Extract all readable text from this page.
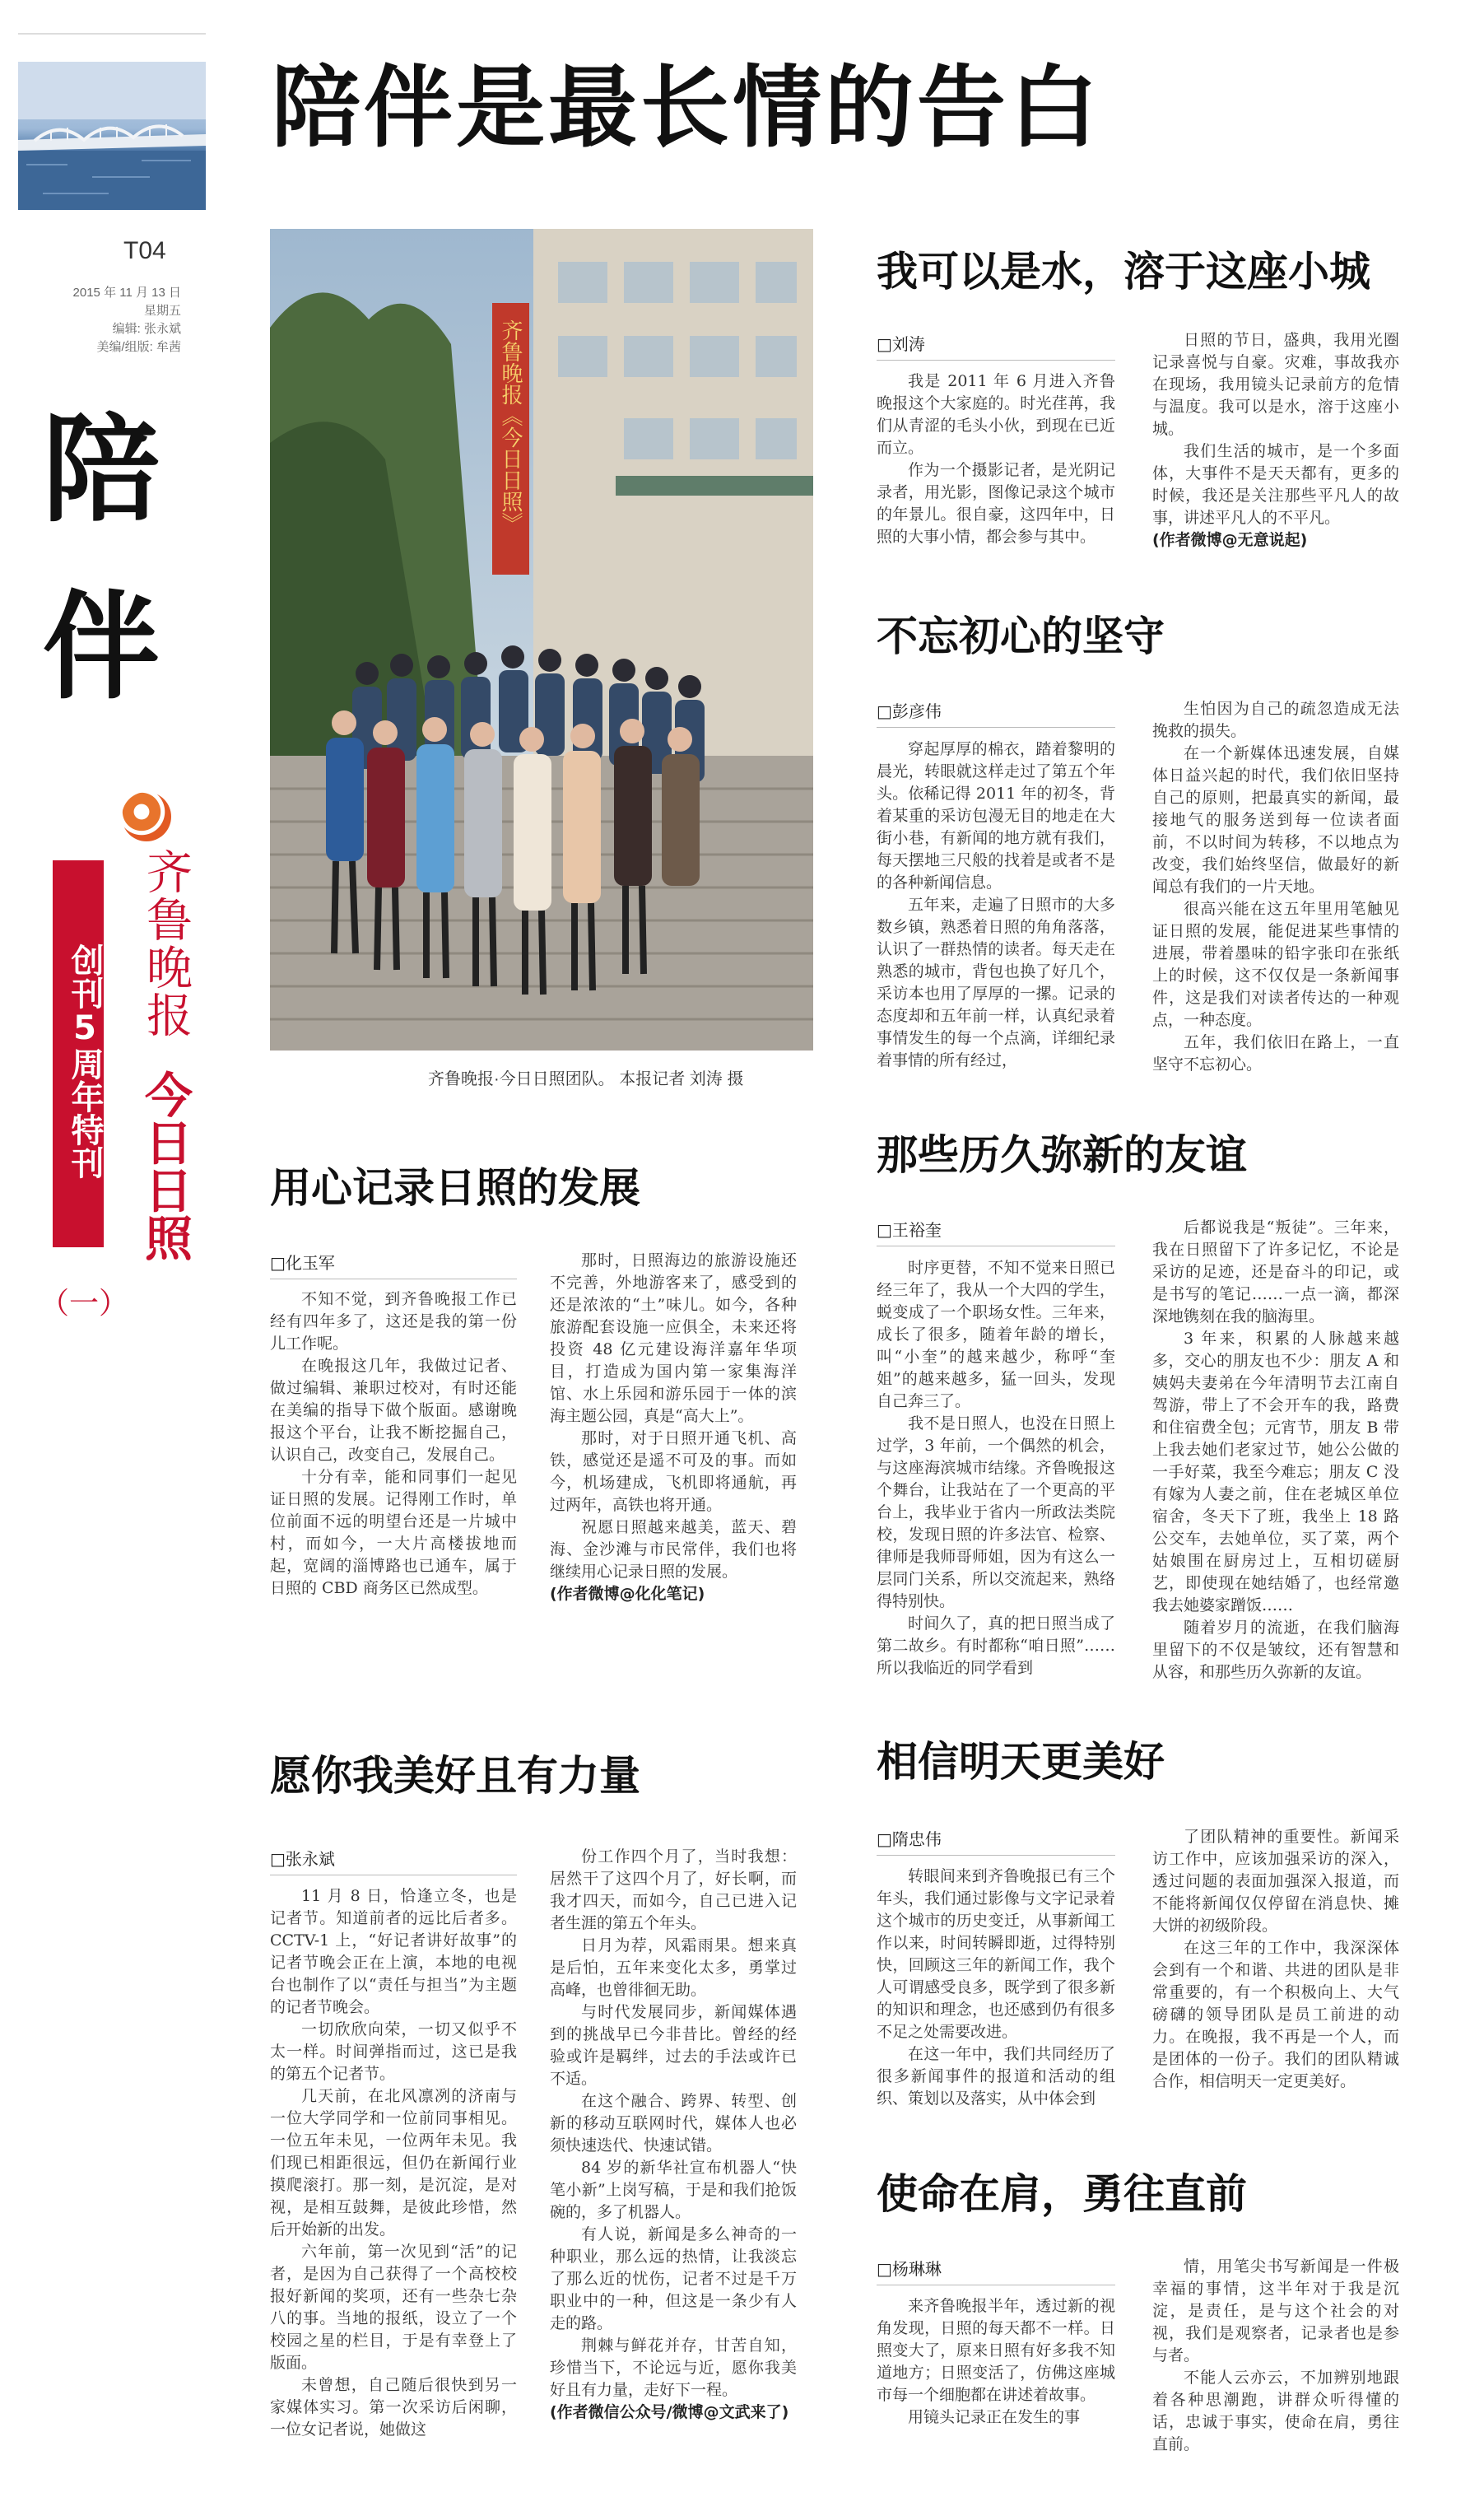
T04
2015 年 11 月 13 日
星期五
编辑: 张永斌
美编/组版: 牟茜
陪
伴
齐鲁晚报
今日日照
创刊5周年特刊
（一）
陪伴是最长情的告白
齐鲁晚报《今日日照》
齐鲁晚报·今日日照团队。 本报记者 刘涛 摄
我可以是水，溶于这座小城
□刘涛

我是 2011 年 6 月进入齐鲁晚报这个大家庭的。时光荏苒，我们从青涩的毛头小伙，到现在已近而立。

作为一个摄影记者，是光阴记录者，用光影，图像记录这个城市的年景儿。很自豪，这四年中，日照的大事小情，都会参与其中。

日照的节日，盛典，我用光圈记录喜悦与自豪。灾难，事故我亦在现场，我用镜头记录前方的危情与温度。我可以是水，溶于这座小城。

我们生活的城市，是一个多面体，大事件不是天天都有，更多的时候，我还是关注那些平凡人的故事，讲述平凡人的不平凡。

(作者微博@无意说起)

不忘初心的坚守
□彭彦伟

穿起厚厚的棉衣，踏着黎明的晨光，转眼就这样走过了第五个年头。依稀记得 2011 年的初冬，背着某重的采访包漫无目的地走在大街小巷，有新闻的地方就有我们，每天摆地三尺般的找着是或者不是的各种新闻信息。

五年来，走遍了日照市的大多数乡镇，熟悉着日照的角角落落，认识了一群热情的读者。每天走在熟悉的城市，背包也换了好几个，采访本也用了厚厚的一摞。记录的态度却和五年前一样，认真纪录着事情发生的每一个点滴，详细纪录着事情的所有经过，

生怕因为自己的疏忽造成无法挽救的损失。

在一个新媒体迅速发展，自媒体日益兴起的时代，我们依旧坚持自己的原则，把最真实的新闻，最接地气的服务送到每一位读者面前，不以时间为转移，不以地点为改变，我们始终坚信，做最好的新闻总有我们的一片天地。

很高兴能在这五年里用笔触见证日照的发展，能促进某些事情的进展，带着墨味的铅字张印在张纸上的时候，这不仅仅是一条新闻事件，这是我们对读者传达的一种观点，一种态度。

五年，我们依旧在路上，一直坚守不忘初心。

用心记录日照的发展
□化玉军

不知不觉，到齐鲁晚报工作已经有四年多了，这还是我的第一份儿工作呢。

在晚报这几年，我做过记者、做过编辑、兼职过校对，有时还能在美编的指导下做个版面。感谢晚报这个平台，让我不断挖掘自己，认识自己，改变自己，发展自己。

十分有幸，能和同事们一起见证日照的发展。记得刚工作时，单位前面不远的明望台还是一片城中村，而如今，一大片高楼拔地而起，宽阔的淄博路也已通车，属于日照的 CBD 商务区已然成型。

那时，日照海边的旅游设施还不完善，外地游客来了，感受到的还是浓浓的“土”味儿。如今，各种旅游配套设施一应俱全，未来还将投资 48 亿元建设海洋嘉年华项目，打造成为国内第一家集海洋馆、水上乐园和游乐园于一体的滨海主题公园，真是“高大上”。

那时，对于日照开通飞机、高铁，感觉还是遥不可及的事。而如今，机场建成，飞机即将通航，再过两年，高铁也将开通。

祝愿日照越来越美，蓝天、碧海、金沙滩与市民常伴，我们也将继续用心记录日照的发展。

(作者微博@化化笔记)

那些历久弥新的友谊
□王裕奎

时序更替，不知不觉来日照已经三年了，我从一个大四的学生，蜕变成了一个职场女性。三年来，成长了很多，随着年龄的增长，叫“小奎”的越来越少，称呼“奎姐”的越来越多，猛一回头，发现自己奔三了。

我不是日照人，也没在日照上过学，3 年前，一个偶然的机会，与这座海滨城市结缘。齐鲁晚报这个舞台，让我站在了一个更高的平台上，我毕业于省内一所政法类院校，发现日照的许多法官、检察、律师是我师哥师姐，因为有这么一层同门关系，所以交流起来，熟络得特别快。

时间久了，真的把日照当成了第二故乡。有时都称“咱日照”……所以我临近的同学看到

后都说我是“叛徒”。三年来，我在日照留下了许多记忆，不论是采访的足迹，还是奋斗的印记，或是书写的笔记……一点一滴，都深深地镌刻在我的脑海里。

3 年来，积累的人脉越来越多，交心的朋友也不少：朋友 A 和姨妈夫妻弟在今年清明节去江南自驾游，带上了不会开车的我，路费和住宿费全包；元宵节，朋友 B 带上我去她们老家过节，她公公做的一手好菜，我至今难忘；朋友 C 没有嫁为人妻之前，住在老城区单位宿舍，冬天下了班，我坐上 18 路公交车，去她单位，买了菜，两个姑娘围在厨房过上，互相切磋厨艺，即使现在她结婚了，也经常邀我去她婆家蹭饭……

随着岁月的流逝，在我们脑海里留下的不仅是皱纹，还有智慧和从容，和那些历久弥新的友谊。

愿你我美好且有力量
□张永斌

11 月 8 日，恰逢立冬，也是记者节。知道前者的远比后者多。CCTV-1 上，“好记者讲好故事”的记者节晚会正在上演，本地的电视台也制作了以“责任与担当”为主题的记者节晚会。

一切欣欣向荣，一切又似乎不太一样。时间弹指而过，这已是我的第五个记者节。

几天前，在北风凛冽的济南与一位大学同学和一位前同事相见。一位五年未见，一位两年未见。我们现已相距很远，但仍在新闻行业摸爬滚打。那一刻，是沉淀，是对视，是相互鼓舞，是彼此珍惜，然后开始新的出发。

六年前，第一次见到“活”的记者，是因为自己获得了一个高校校报好新闻的奖项，还有一些杂七杂八的事。当地的报纸，设立了一个校园之星的栏目，于是有幸登上了版面。

未曾想，自己随后很快到另一家媒体实习。第一次采访后闲聊，一位女记者说，她做这

份工作四个月了，当时我想：居然干了这四个月了，好长啊，而我才四天，而如今，自己已进入记者生涯的第五个年头。

日月为荐，风霜雨果。想来真是后怕，五年来变化太多，勇掌过高峰，也曾徘徊无助。

与时代发展同步，新闻媒体遇到的挑战早已今非昔比。曾经的经验或许是羁绊，过去的手法或许已不适。

在这个融合、跨界、转型、创新的移动互联网时代，媒体人也必须快速迭代、快速试错。

84 岁的新华社宣布机器人“快笔小新”上岗写稿，于是和我们抢饭碗的，多了机器人。

有人说，新闻是多么神奇的一种职业，那么远的热情，让我淡忘了那么近的忧伤，记者不过是千万职业中的一种，但这是一条少有人走的路。

荆棘与鲜花并存，甘苦自知，珍惜当下，不论远与近，愿你我美好且有力量，走好下一程。

(作者微信公众号/微博@文武来了)

相信明天更美好
□隋忠伟

转眼间来到齐鲁晚报已有三个年头，我们通过影像与文字记录着这个城市的历史变迁，从事新闻工作以来，时间转瞬即逝，过得特别快，回顾这三年的新闻工作，我个人可谓感受良多，既学到了很多新的知识和理念，也还感到仍有很多不足之处需要改进。

在这一年中，我们共同经历了很多新闻事件的报道和活动的组织、策划以及落实，从中体会到

了团队精神的重要性。新闻采访工作中，应该加强采访的深入，透过问题的表面加强深入报道，而不能将新闻仅仅停留在消息快、摊大饼的初级阶段。

在这三年的工作中，我深深体会到有一个和谐、共进的团队是非常重要的，有一个积极向上、大气磅礴的领导团队是员工前进的动力。在晚报，我不再是一个人，而是团体的一份子。我们的团队精诚合作，相信明天一定更美好。

使命在肩，勇往直前
□杨琳琳

来齐鲁晚报半年，透过新的视角发现，日照的每天都不一样。日照变大了，原来日照有好多我不知道地方；日照变活了，仿佛这座城市每一个细胞都在讲述着故事。

用镜头记录正在发生的事

情，用笔尖书写新闻是一件极幸福的事情，这半年对于我是沉淀，是责任，是与这个社会的对视，我们是观察者，记录者也是参与者。

不能人云亦云，不加辨别地跟着各种思潮跑，讲群众听得懂的话，忠诚于事实，使命在肩，勇往直前。
